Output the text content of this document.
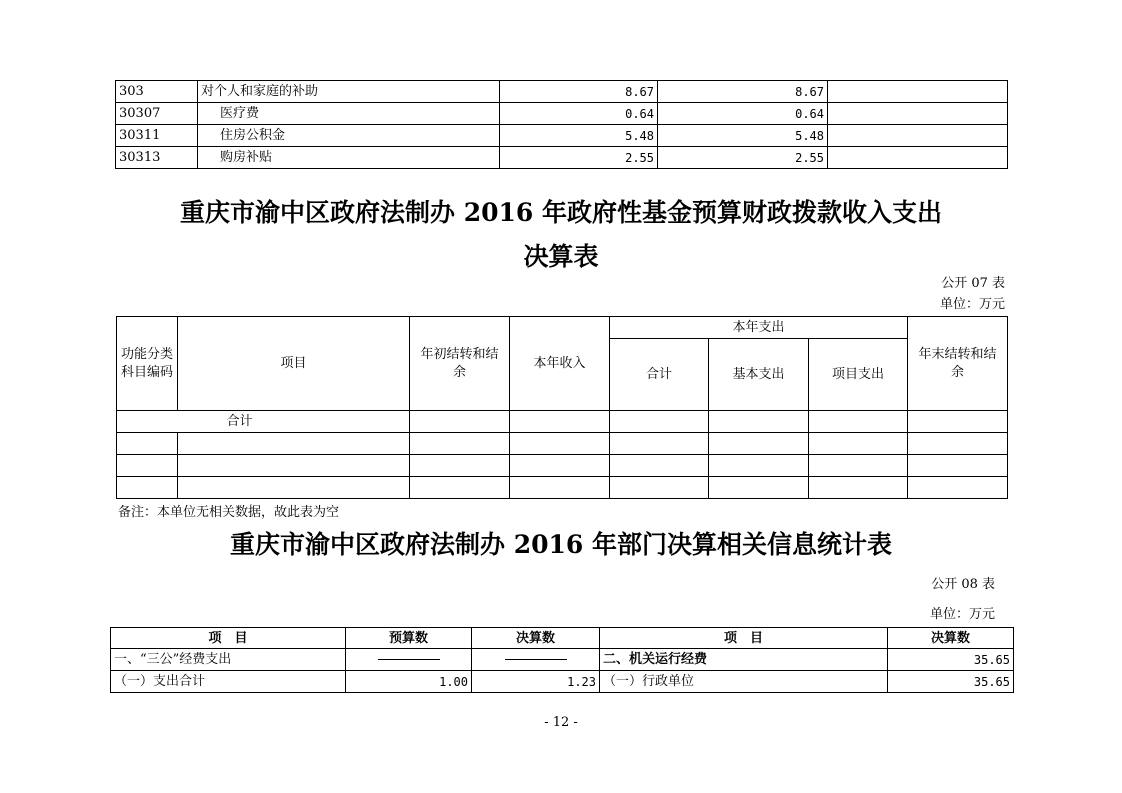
303	对个人和家庭的补助	8.67	8.67	
30307	医疗费	0.64	0.64	
30311	住房公积金	5.48	5.48	
30313	购房补贴	2.55	2.55	
重庆市渝中区政府法制办 2016 年政府性基金预算财政拨款收入支出
决算表
公开 07 表
单位：万元
功能分类科目编码	项目	年初结转和结余	本年收入	本年支出			年末结转和结余
				合计	基本支出	项目支出	
合计							

备注：本单位无相关数据，故此表为空
重庆市渝中区政府法制办 2016 年部门决算相关信息统计表
公开 08 表
单位：万元
项　目	预算数	决算数	项　目	决算数
一、“三公”经费支出			二、机关运行经费	35.65
（一）支出合计	1.00	1.23	（一）行政单位	35.65
- 12 -
